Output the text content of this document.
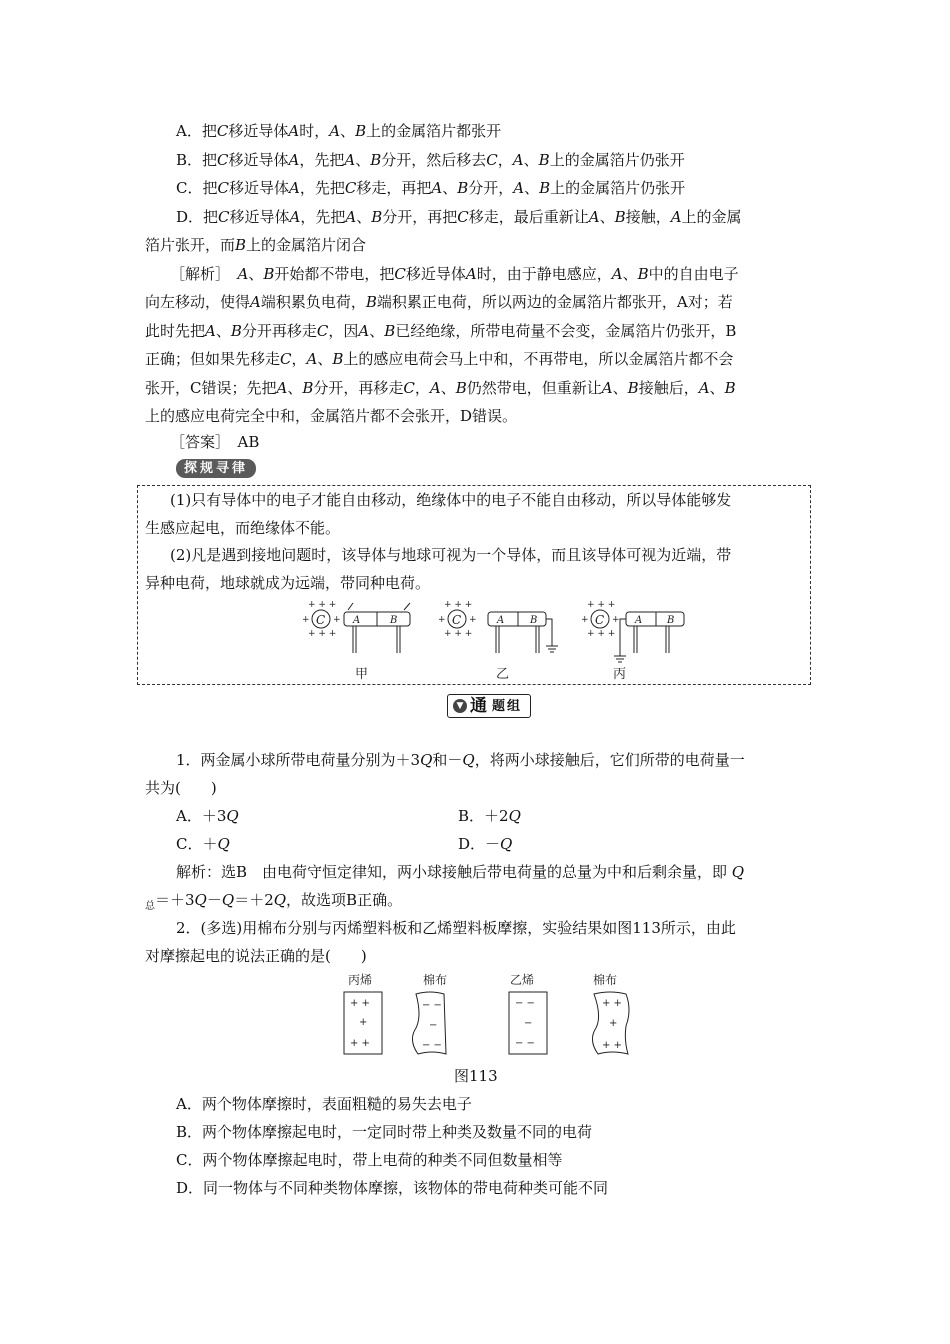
A．把C移近导体A时，A、B上的金属箔片都张开
B．把C移近导体A，先把A、B分开，然后移去C，A、B上的金属箔片仍张开
C．把C移近导体A，先把C移走，再把A、B分开，A、B上的金属箔片仍张开
D．把C移近导体A，先把A、B分开，再把C移走，最后重新让A、B接触，A上的金属
箔片张开，而B上的金属箔片闭合
［解析］　A、B开始都不带电，把C移近导体A时，由于静电感应，A、B中的自由电子
向左移动，使得A端积累负电荷，B端积累正电荷，所以两边的金属箔片都张开，A对；若
此时先把A、B分开再移走C，因A、B已经绝缘，所带电荷量不会变，金属箔片仍张开，B
正确；但如果先移走C，A、B上的感应电荷会马上中和，不再带电，所以金属箔片都不会
张开，C错误；先把A、B分开，再移走C，A、B仍然带电，但重新让A、B接触后，A、B
上的感应电荷完全中和，金属箔片都不会张开，D错误。
［答案］　AB
探规寻律
(1)只有导体中的电子才能自由移动，绝缘体中的电子不能自由移动，所以导体能够发
生感应起电，而绝缘体不能。
(2)凡是遇到接地问题时，该导体与地球可视为一个导体，而且该导体可视为近端，带
异种电荷，地球就成为远端，带同种电荷。
C
+ + +
+	+
+ + +
A	B	C
+ + +
+	+
+ + +
A	B	C
+ + +
+	+
+ + +
A B
甲	乙	丙
▼ 通 题组
1．两金属小球所带电荷量分别为＋3Q和－Q，将两小球接触后，它们所带的电荷量一
共为(　　)
A．＋3Q	B．＋2Q
C．＋Q	D．－Q
解析：选B　由电荷守恒定律知，两小球接触后带电荷量的总量为中和后剩余量，即 Q
$_总$＝＋3Q－Q＝＋2Q，故选项B正确。
2．(多选)用棉布分别与丙烯塑料板和乙烯塑料板摩擦，实验结果如图113所示，由此
对摩擦起电的说法正确的是(　　)
丙烯	棉布	乙烯	棉布
+ +
+
+ +
− −
−
− −
− −
−
− −
+ +
+
+ +
图113
A．两个物体摩擦时，表面粗糙的易失去电子
B．两个物体摩擦起电时，一定同时带上种类及数量不同的电荷
C．两个物体摩擦起电时，带上电荷的种类不同但数量相等
D．同一物体与不同种类物体摩擦，该物体的带电荷种类可能不同
